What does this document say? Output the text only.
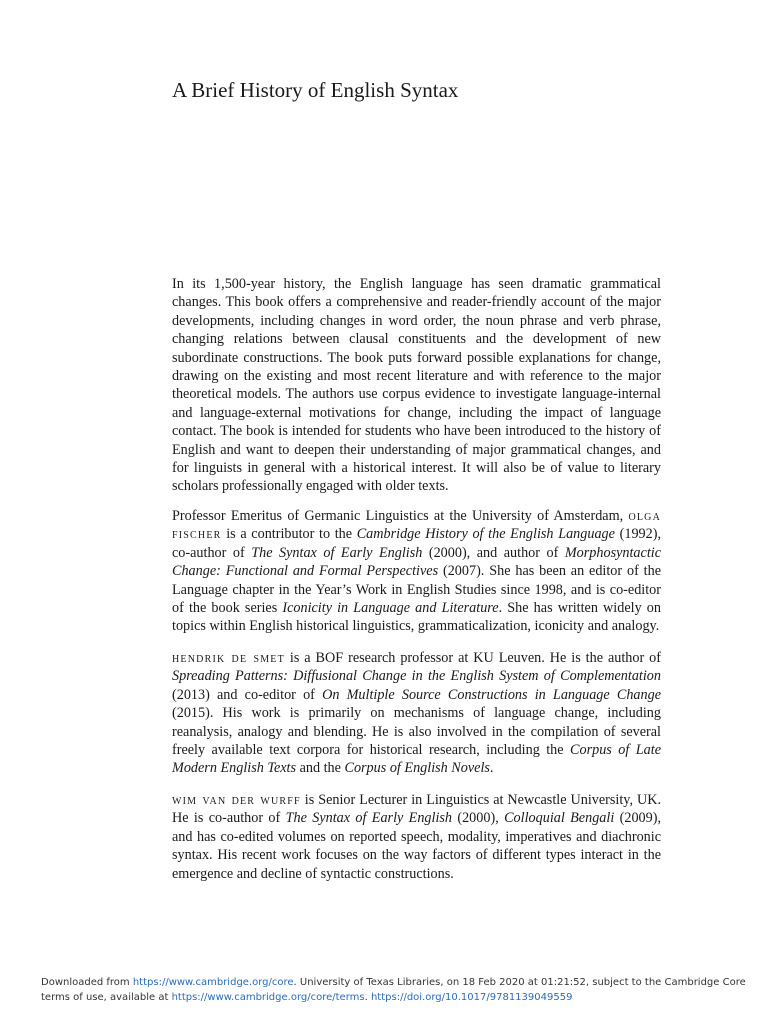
A Brief History of English Syntax

In its 1,500-year history, the English language has seen dramatic grammatical changes. This book offers a comprehensive and reader-friendly account of the major developments, including changes in word order, the noun phrase and verb phrase, changing relations between clausal constituents and the development of new subordinate constructions. The book puts forward possible explanations for change, drawing on the existing and most recent literature and with reference to the major theoretical models. The authors use corpus evidence to investigate language-internal and language-external motivations for change, including the impact of language contact. The book is intended for students who have been introduced to the history of English and want to deepen their understanding of major grammatical changes, and for linguists in general with a historical interest. It will also be of value to literary scholars professionally engaged with older texts.

Professor Emeritus of Germanic Linguistics at the University of Amsterdam, olga fischer is a contributor to the Cambridge History of the English Language (1992), co-author of The Syntax of Early English (2000), and author of Morphosyntactic Change: Functional and Formal Perspectives (2007). She has been an editor of the Language chapter in the Year’s Work in English Studies since 1998, and is co-editor of the book series Iconicity in Language and Literature. She has written widely on topics within English historical linguistics, grammaticalization, iconicity and analogy.

hendrik de smet is a BOF research professor at KU Leuven. He is the author of Spreading Patterns: Diffusional Change in the English System of Complementation (2013) and co-editor of On Multiple Source Constructions in Language Change (2015). His work is primarily on mechanisms of language change, including reanalysis, analogy and blending. He is also involved in the compilation of several freely available text corpora for historical research, including the Corpus of Late Modern English Texts and the Corpus of English Novels.

wim van der wurff is Senior Lecturer in Linguistics at Newcastle University, UK. He is co-author of The Syntax of Early English (2000), Colloquial Bengali (2009), and has co-edited volumes on reported speech, modality, imperatives and diachronic syntax. His recent work focuses on the way factors of different types interact in the emergence and decline of syntactic constructions.

Downloaded from https://www.cambridge.org/core. University of Texas Libraries, on 18 Feb 2020 at 01:21:52, subject to the Cambridge Core terms of use, available at https://www.cambridge.org/core/terms. https://doi.org/10.1017/9781139049559
